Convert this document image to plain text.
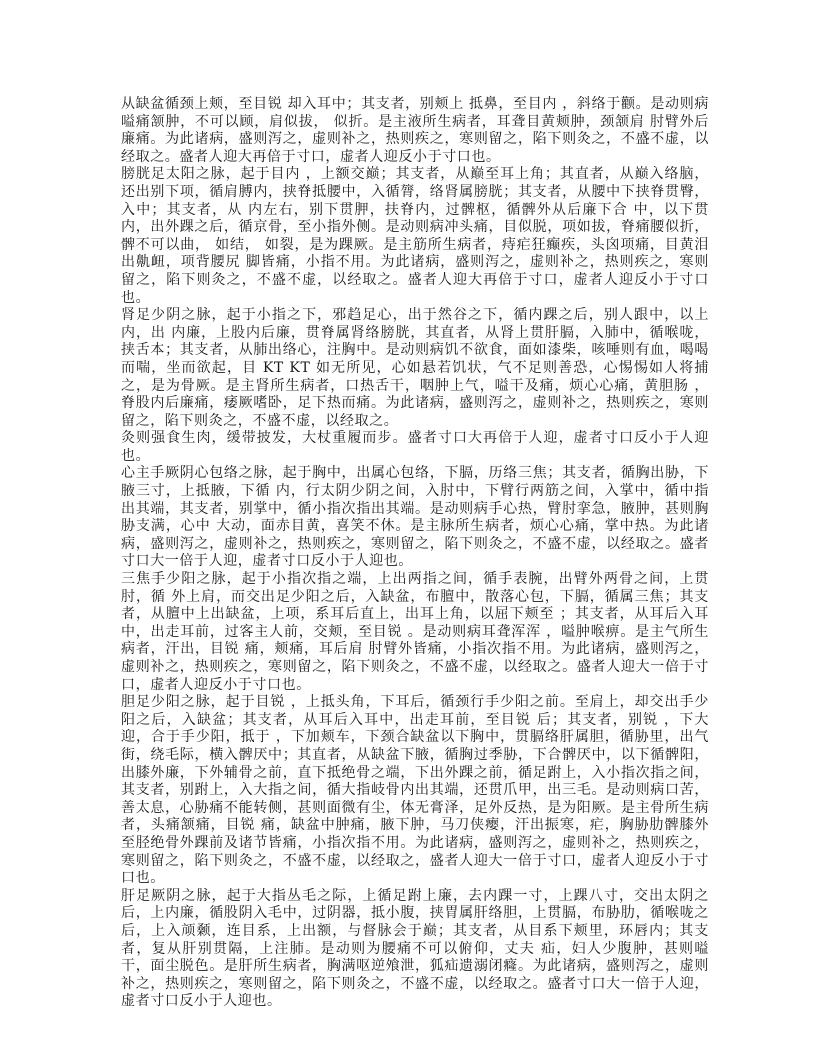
从缺盆循颈上颊，至目锐 却入耳中；其支者，别颊上 抵鼻，至目内 ，斜络于颧。是动则病嗌痛颔肿，不可以顾，肩似拔， 似折。是主液所生病者，耳聋目黄颊肿，颈颔肩 肘臂外后廉痛。为此诸病，盛则泻之，虚则补之，热则疾之，寒则留之，陷下则灸之，不盛不虚，以经取之。盛者人迎大再倍于寸口，虚者人迎反小于寸口也。

膀胱足太阳之脉，起于目内 ，上额交巅；其支者，从巅至耳上角；其直者，从巅入络脑，还出别下项，循肩膊内，挟脊抵腰中，入循膂，络肾属膀胱；其支者，从腰中下挟脊贯臀，入中；其支者，从 内左右，别下贯胛，扶脊内，过髀枢，循髀外从后廉下合 中，以下贯 内，出外踝之后，循京骨，至小指外侧。是动则病冲头痛，目似脱，项如拔，脊痛腰似折，髀不可以曲， 如结， 如裂，是为踝厥。是主筋所生病者，痔疟狂癫疾，头囟项痛，目黄泪出鼽衄，项背腰尻 脚皆痛，小指不用。为此诸病，盛则泻之，虚则补之，热则疾之，寒则留之，陷下则灸之，不盛不虚，以经取之。盛者人迎大再倍于寸口，虚者人迎反小于寸口也。

肾足少阴之脉，起于小指之下，邪趋足心，出于然谷之下，循内踝之后，别人跟中，以上 内，出 内廉，上股内后廉，贯脊属肾络膀胱，其直者，从肾上贯肝膈，入肺中，循喉咙，挟舌本；其支者，从肺出络心，注胸中。是动则病饥不欲食，面如漆柴，咳唾则有血，喝喝而喘，坐而欲起，目 KT KT 如无所见，心如悬若饥状，气不足则善恐，心惕惕如人将捕之，是为骨厥。是主肾所生病者，口热舌干，咽肿上气，嗌干及痛，烦心心痛，黄胆肠 ，脊股内后廉痛，痿厥嗜卧，足下热而痛。为此诸病，盛则泻之，虚则补之，热则疾之，寒则留之，陷下则灸之，不盛不虚，以经取之。

灸则强食生肉，缓带披发，大杖重履而步。盛者寸口大再倍于人迎，虚者寸口反小于人迎也。

心主手厥阴心包络之脉，起于胸中，出属心包络，下膈，历络三焦；其支者，循胸出胁，下腋三寸，上抵腋，下循 内，行太阴少阴之间，入肘中，下臂行两筋之间，入掌中，循中指出其端，其支者，别掌中，循小指次指出其端。是动则病手心热，臂肘挛急，腋肿，甚则胸胁支满，心中 大动，面赤目黄，喜笑不休。是主脉所生病者，烦心心痛，掌中热。为此诸病，盛则泻之，虚则补之，热则疾之，寒则留之，陷下则灸之，不盛不虚，以经取之。盛者寸口大一倍于人迎，虚者寸口反小于人迎也。

三焦手少阳之脉，起于小指次指之端，上出两指之间，循手表腕，出臂外两骨之间，上贯肘，循 外上肩，而交出足少阳之后，入缺盆，布膻中，散落心包，下膈，循属三焦；其支者，从膻中上出缺盆，上项，系耳后直上，出耳上角，以屈下颊至 ；其支者，从耳后入耳中，出走耳前，过客主人前，交颊，至目锐 。是动则病耳聋浑浑 ，嗌肿喉痹。是主气所生病者，汗出，目锐 痛，颊痛，耳后肩 肘臂外皆痛，小指次指不用。为此诸病，盛则泻之，虚则补之，热则疾之，寒则留之，陷下则灸之，不盛不虚，以经取之。盛者人迎大一倍于寸口，虚者人迎反小于寸口也。

胆足少阳之脉，起于目锐 ，上抵头角，下耳后，循颈行手少阳之前。至肩上，却交出手少阳之后，入缺盆；其支者，从耳后入耳中，出走耳前，至目锐 后；其支者，别锐 ，下大迎，合于手少阳，抵于 ，下加颊车，下颈合缺盆以下胸中，贯膈络肝属胆，循胁里，出气街，绕毛际，横入髀厌中；其直者，从缺盆下腋，循胸过季胁，下合髀厌中，以下循髀阳，出膝外廉，下外辅骨之前，直下抵绝骨之端，下出外踝之前，循足跗上，入小指次指之间，其支者，别跗上，入大指之间，循大指岐骨内出其端，还贯爪甲，出三毛。是动则病口苦，善太息，心胁痛不能转侧，甚则面微有尘，体无膏泽，足外反热，是为阳厥。是主骨所生病者，头痛颔痛，目锐 痛，缺盆中肿痛，腋下肿，马刀侠瘿，汗出振寒，疟，胸胁肋髀膝外至胫绝骨外踝前及诸节皆痛，小指次指不用。为此诸病，盛则泻之，虚则补之，热则疾之，寒则留之，陷下则灸之，不盛不虚，以经取之，盛者人迎大一倍于寸口，虚者人迎反小于寸口也。

肝足厥阴之脉，起于大指丛毛之际，上循足跗上廉，去内踝一寸，上踝八寸，交出太阴之后，上内廉，循股阴入毛中，过阴器，抵小腹，挟胃属肝络胆，上贯膈，布胁肋，循喉咙之后，上入颃颡，连目系，上出额，与督脉会于巅；其支者，从目系下颊里，环唇内；其支者，复从肝别贯隔，上注肺。是动则为腰痛不可以俯仰，丈夫 疝，妇人少腹肿，甚则嗌干，面尘脱色。是肝所生病者，胸满呕逆飧泄，狐疝遗溺闭癃。为此诸病，盛则泻之，虚则补之，热则疾之，寒则留之，陷下则灸之，不盛不虚，以经取之。盛者寸口大一倍于人迎，虚者寸口反小于人迎也。
